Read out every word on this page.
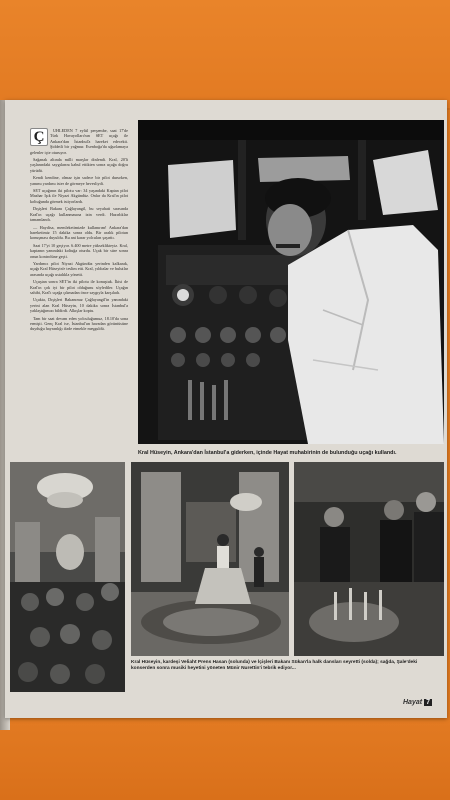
Ç	UHLEDEN 7 eylül perşembe, saat 17'de Türk Havayolları'nın SET uçağı ile Ankara'dan İstanbul'a hareket edecekti. Şiddetli bir yağmur. Esenboğa'da uğurlamaya gelenler içte oturuyor.

Sağanak altında milli marşlar dinlendi. Kral, 20'li yaşlarındaki saygılarını kabul ettikten sonra uçağa doğru yürüdü.

Kendi kendine, olmaz işin sadece bir pilot dururken, yanımı yardımı ister de görmeye hevesliydi.

SET uçağının iki pilotu var: 34 yaşındaki Kaptan pilot Mazhar Işık ile Niyazi Akgündüz. Onlar da Kral'ın pilot koltuğunda görmek istiyorlardı.

Dışişleri Bakanı Çağlayangil, bu seyahati sırasında Kral'ın uçağı kullanmasına izin verdi. Hazırlıklar tamamlandı.

— Haydisa, memleketimizde kullanırım! Ankara'dan hareketimiz 15 dakika sonra oldu. Bir aralık pilotun konuşması duyuldu. Bu ani karar yolcuları şaşırttı.

Saat 17'yi 10 geçiyor. 6.400 metre yükseklikteyiz. Kral, kaptanın yanındaki koltuğa oturdu. Uçak bir süre sonra onun kontrolüne geçti.

Yardımcı pilot Niyazi Akgündüz yerinden kalkarak, uçağı Kral Hüseyin'e teslim etti. Kral, yıldızlar ve bulutlar arasında uçağı ustalıkla yönetti.

Uçuştan sonra SET'in iki pilotu ile konuştuk. İkisi de Kral'ın çok iyi bir pilot olduğunu söylediler. Uçağın sahibi, Kral'ı uçağa çıkmadan önce saygıyla karşıladı.

Uçakta, Dışişleri Bakanımız Çağlayangil'in yanındaki yerini alan Kral Hüseyin, 10 dakika sonra İstanbul'a yaklaştığımızı bildirdi. Alkışlar koptu.

Tam bir saat devam eden yolculuğumuz, 18.10'da sona ermişti. Genç Kral ise, İstanbul'un havadan görüntüsüne duyduğu hayranlığı ifade etmekle meşguldü.

Kral Hüseyin, Ankara'dan İstanbul'a giderken, içinde Hayat muhabirinin de bulunduğu uçağı kullandı.
Kral Hüseyin, kardeşi Veliaht Prens Hasan (solunda) ve İçişleri Bakanı Sükan'la halk dansları seyretti (solda); sağda, Şale'deki konserden sonra musiki heyetini yöneten Münir Nurettin'i tebrik ediyor...
Hayat 7
